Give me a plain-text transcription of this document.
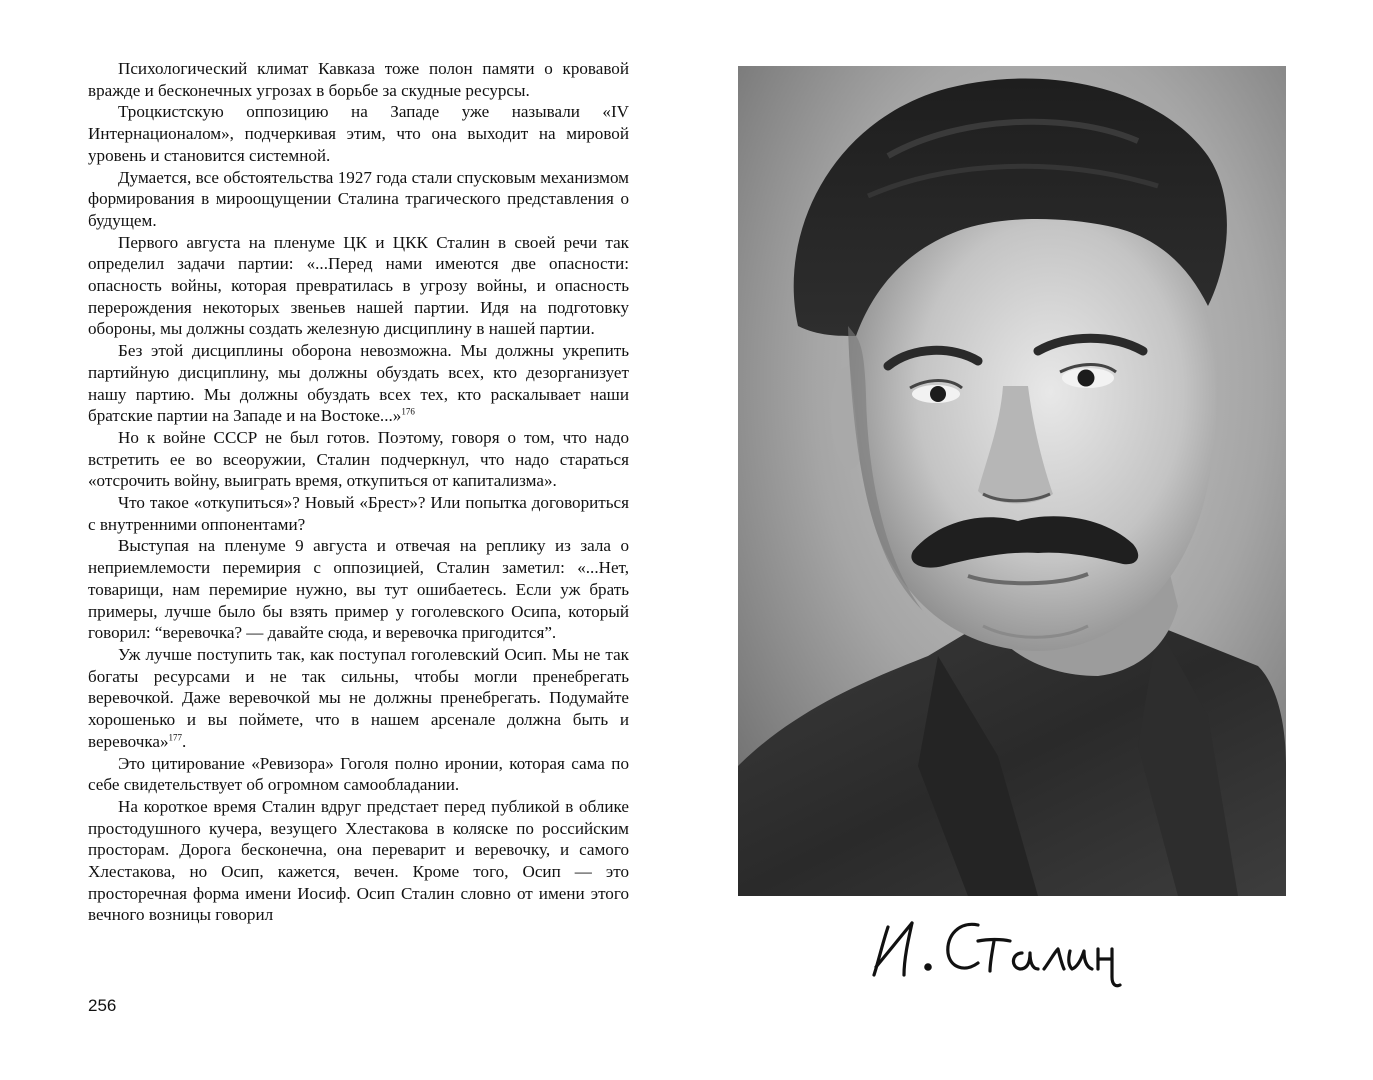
Психологический климат Кавказа тоже полон памяти о кровавой вражде и бесконечных угрозах в борьбе за скудные ресурсы.

Троцкистскую оппозицию на Западе уже называли «IV Интернационалом», подчеркивая этим, что она выходит на мировой уровень и становится системной.

Думается, все обстоятельства 1927 года стали спусковым механизмом формирования в мироощущении Сталина трагического представления о будущем.

Первого августа на пленуме ЦК и ЦКК Сталин в своей речи так определил задачи партии: «...Перед нами имеются две опасности: опасность войны, которая превратилась в угрозу войны, и опасность перерождения некоторых звеньев нашей партии. Идя на подготовку обороны, мы должны создать железную дисциплину в нашей партии.

Без этой дисциплины оборона невозможна. Мы должны укрепить партийную дисциплину, мы должны обуздать всех, кто дезорганизует нашу партию. Мы должны обуздать всех тех, кто раскалывает наши братские партии на Западе и на Востоке...»$^{176}$

Но к войне СССР не был готов. Поэтому, говоря о том, что надо встретить ее во всеоружии, Сталин подчеркнул, что надо стараться «отсрочить войну, выиграть время, откупиться от капитализма».

Что такое «откупиться»? Новый «Брест»? Или попытка договориться с внутренними оппонентами?

Выступая на пленуме 9 августа и отвечая на реплику из зала о неприемлемости перемирия с оппозицией, Сталин заметил: «...Нет, товарищи, нам перемирие нужно, вы тут ошибаетесь. Если уж брать примеры, лучше было бы взять пример у гоголевского Осипа, который говорил: “веревочка? — давайте сюда, и веревочка пригодится”.

Уж лучше поступить так, как поступал гоголевский Осип. Мы не так богаты ресурсами и не так сильны, чтобы могли пренебрегать веревочкой. Даже веревочкой мы не должны пренебрегать. Подумайте хорошенько и вы поймете, что в нашем арсенале должна быть и веревочка»$^{177}$.

Это цитирование «Ревизора» Гоголя полно иронии, которая сама по себе свидетельствует об огромном самообладании.

На короткое время Сталин вдруг предстает перед публикой в облике простодушного кучера, везущего Хлестакова в коляске по российским просторам. Дорога бесконечна, она переварит и веревочку, и самого Хлестакова, но Осип, кажется, вечен. Кроме того, Осип — это просторечная форма имени Иосиф. Осип Сталин словно от имени этого вечного возницы говорил

256
